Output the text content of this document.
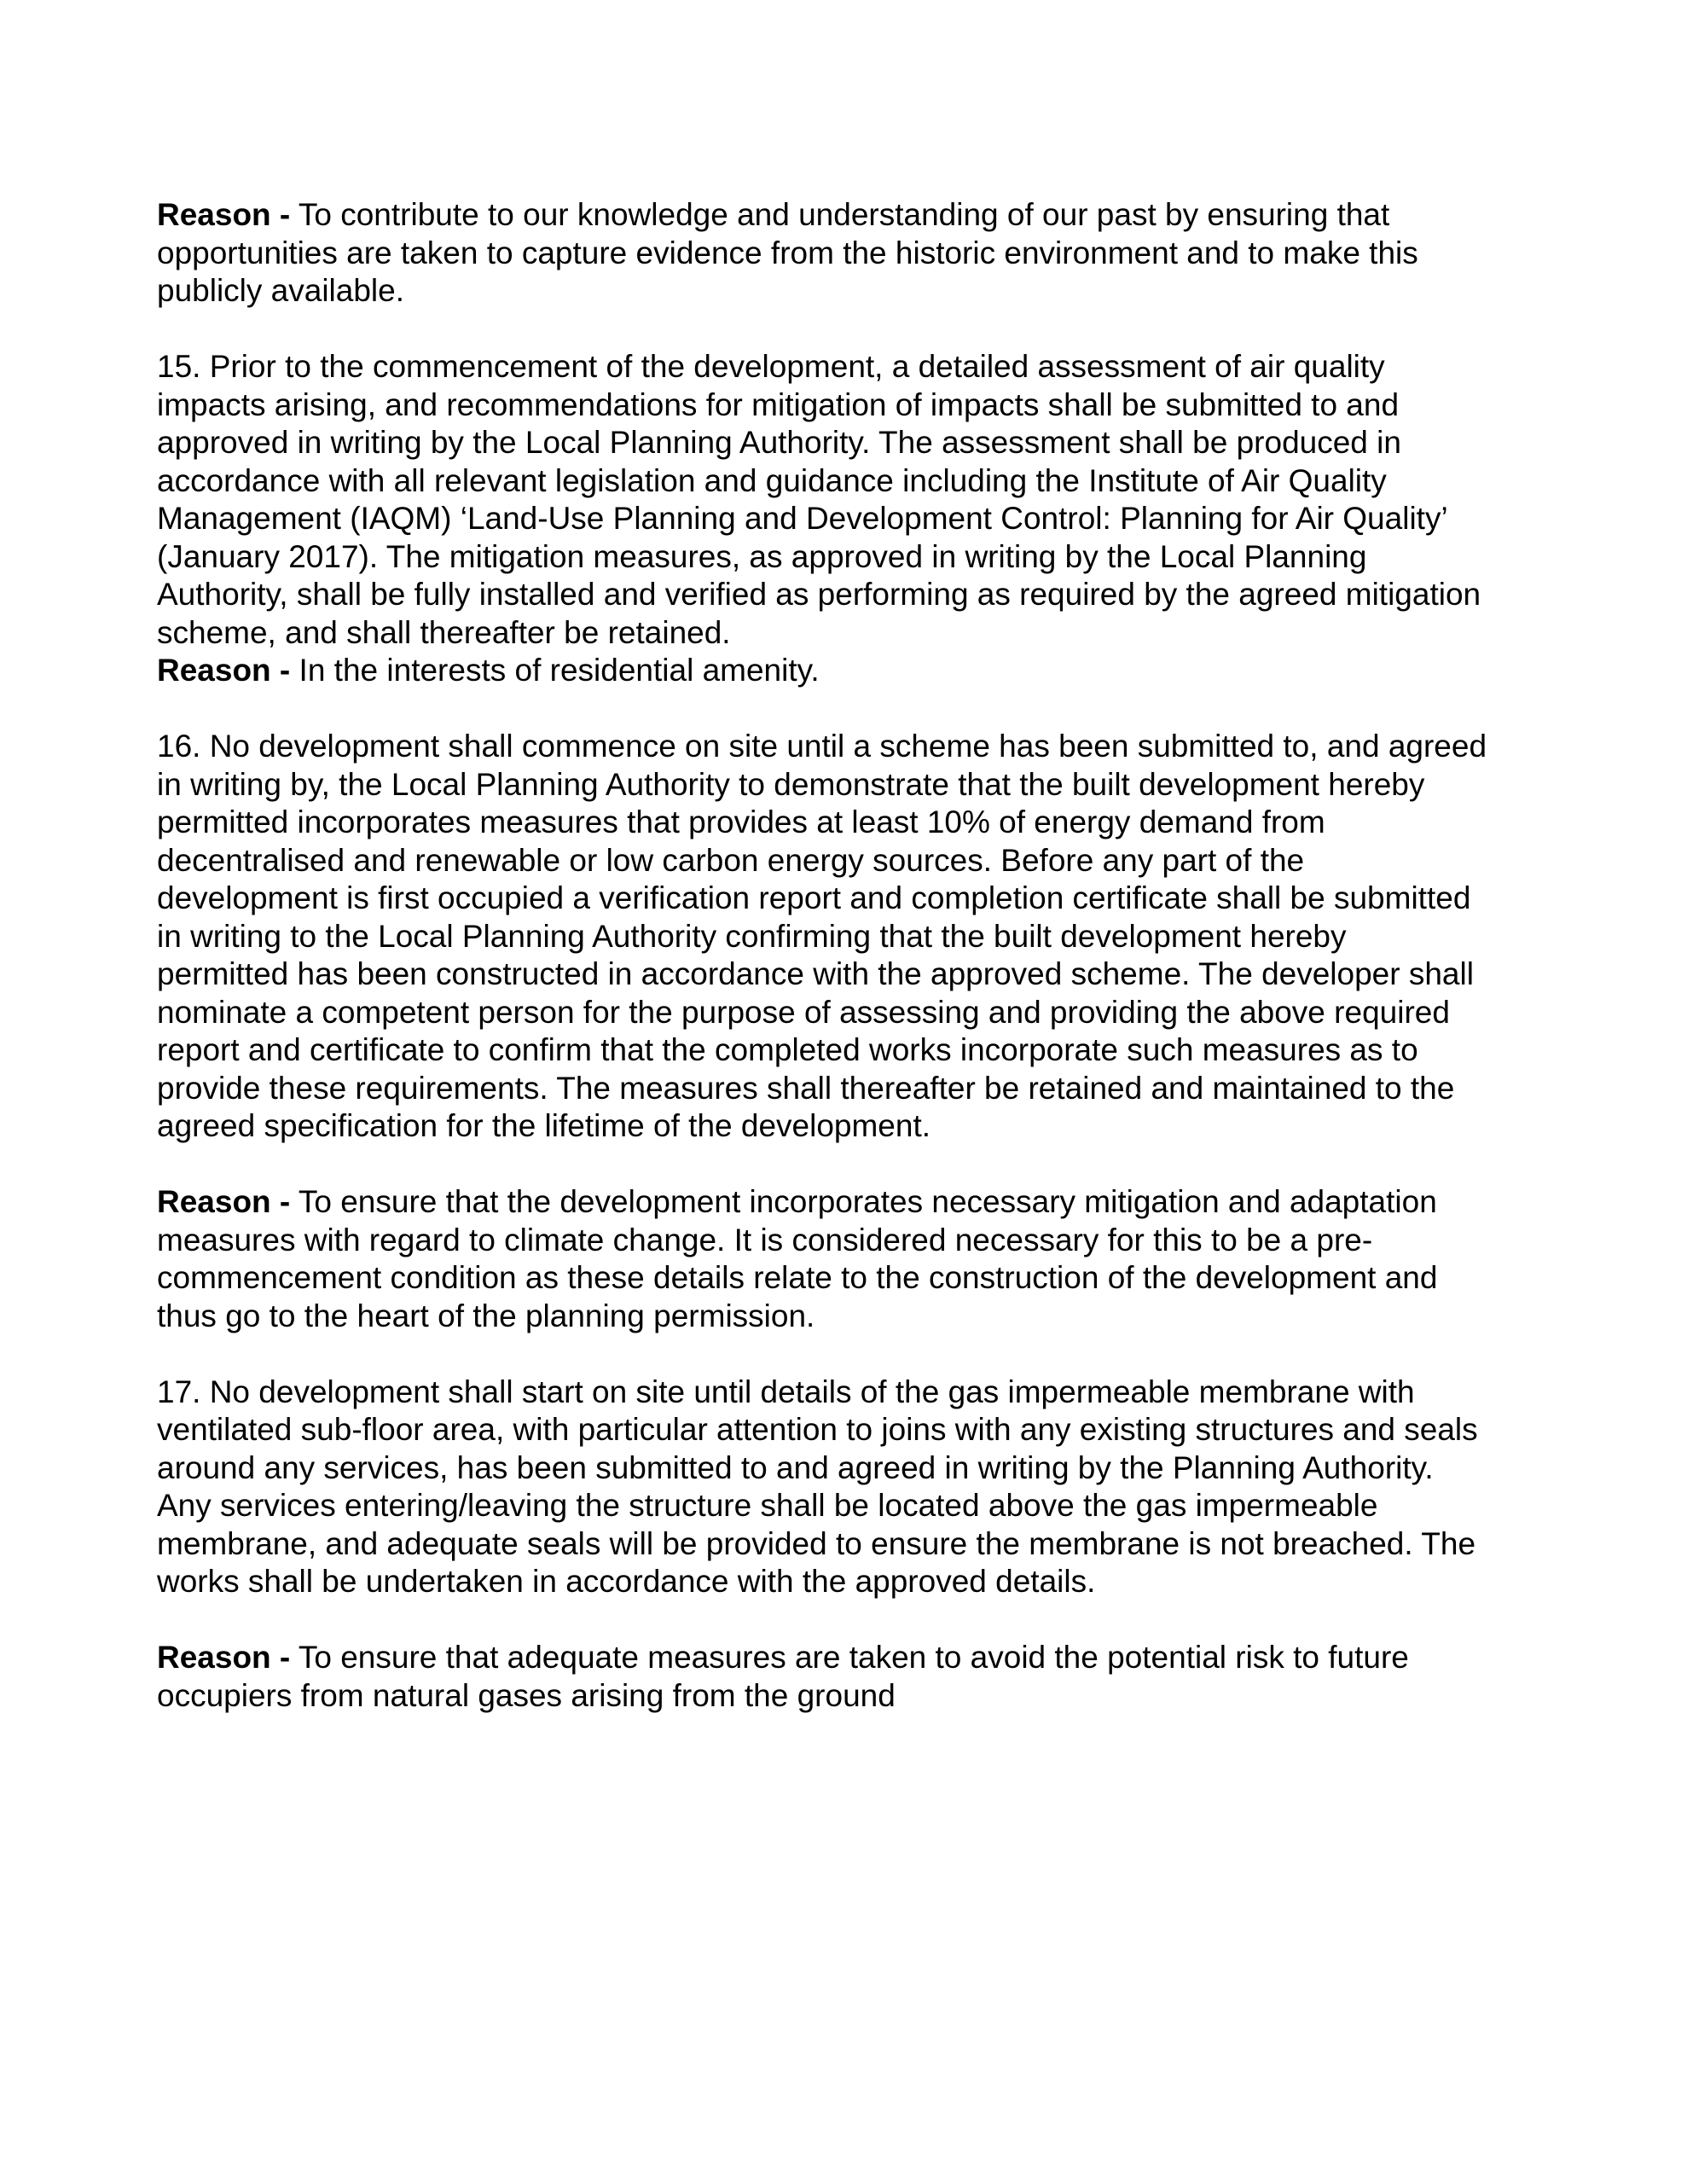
Reason - To contribute to our knowledge and understanding of our past by ensuring that
opportunities are taken to capture evidence from the historic environment and to make this
publicly available.

15. Prior to the commencement of the development, a detailed assessment of air quality
impacts arising, and recommendations for mitigation of impacts shall be submitted to and
approved in writing by the Local Planning Authority. The assessment shall be produced in
accordance with all relevant legislation and guidance including the Institute of Air Quality
Management (IAQM) ‘Land-Use Planning and Development Control: Planning for Air Quality’
(January 2017). The mitigation measures, as approved in writing by the Local Planning
Authority, shall be fully installed and verified as performing as required by the agreed mitigation
scheme, and shall thereafter be retained.

Reason - In the interests of residential amenity.

16. No development shall commence on site until a scheme has been submitted to, and agreed
in writing by, the Local Planning Authority to demonstrate that the built development hereby
permitted incorporates measures that provides at least 10% of energy demand from
decentralised and renewable or low carbon energy sources. Before any part of the
development is first occupied a verification report and completion certificate shall be submitted
in writing to the Local Planning Authority confirming that the built development hereby
permitted has been constructed in accordance with the approved scheme. The developer shall
nominate a competent person for the purpose of assessing and providing the above required
report and certificate to confirm that the completed works incorporate such measures as to
provide these requirements. The measures shall thereafter be retained and maintained to the
agreed specification for the lifetime of the development.

Reason - To ensure that the development incorporates necessary mitigation and adaptation
measures with regard to climate change. It is considered necessary for this to be a pre-
commencement condition as these details relate to the construction of the development and
thus go to the heart of the planning permission.

17. No development shall start on site until details of the gas impermeable membrane with
ventilated sub-floor area, with particular attention to joins with any existing structures and seals
around any services, has been submitted to and agreed in writing by the Planning Authority.
Any services entering/leaving the structure shall be located above the gas impermeable
membrane, and adequate seals will be provided to ensure the membrane is not breached. The
works shall be undertaken in accordance with the approved details.

Reason - To ensure that adequate measures are taken to avoid the potential risk to future
occupiers from natural gases arising from the ground
